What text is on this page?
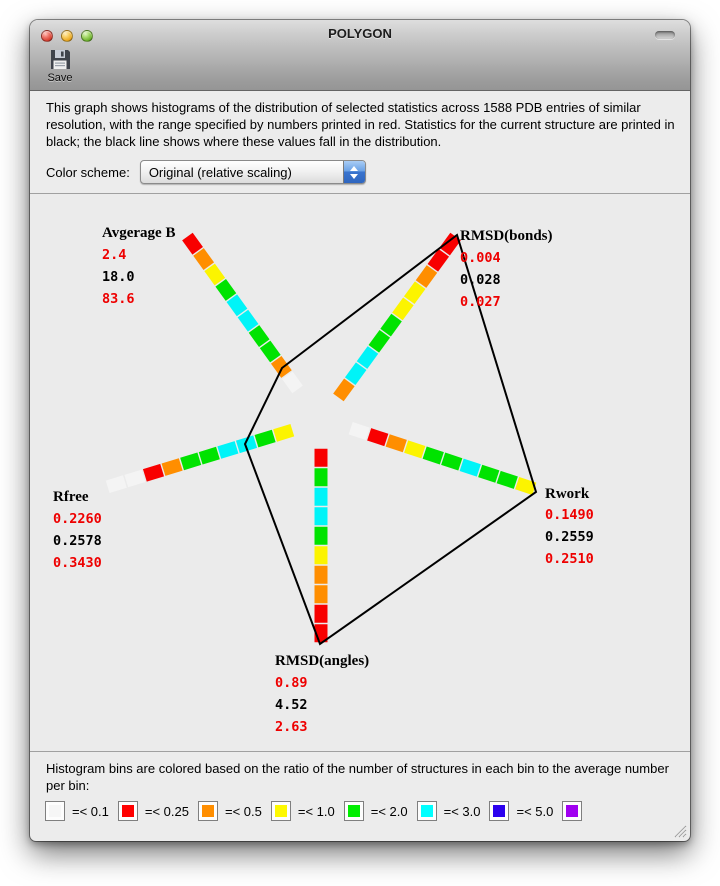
POLYGON
Save

This graph shows histograms of the distribution of selected statistics across 1588 PDB entries of similar resolution, with the range specified by numbers printed in red. Statistics for the current structure are printed in black; the black line shows where these values fall in the distribution.

Color scheme:	Original (relative scaling)
Avgerage B
2.4
18.0
83.6
RMSD(bonds)
0.004
0.028
0.027
Rwork
0.1490
0.2559
0.2510
RMSD(angles)
0.89
4.52
2.63
Rfree
0.2260
0.2578
0.3430
Histogram bins are colored based on the ratio of the number of structures in each bin to the average number per bin:
=< 0.1	=< 0.25	=< 0.5	=< 1.0	=< 2.0	=< 3.0	=< 5.0
